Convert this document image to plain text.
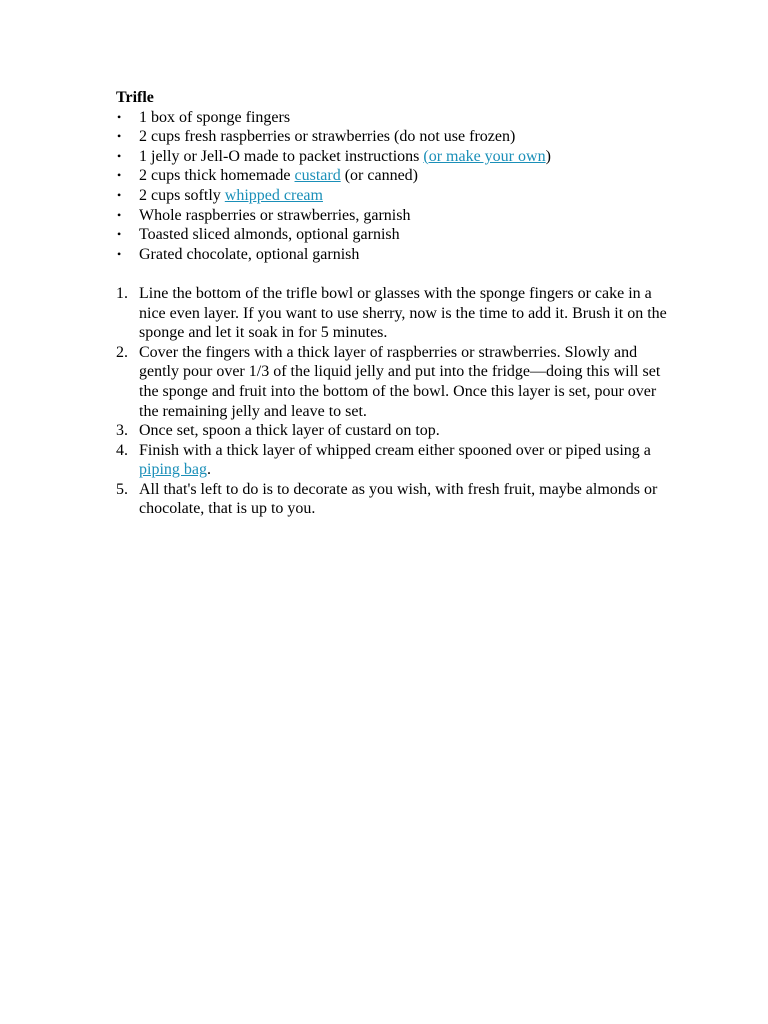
Trifle
• 1 box of sponge fingers
• 2 cups fresh raspberries or strawberries (do not use frozen)
• 1 jelly or Jell-O made to packet instructions (or make your own)
• 2 cups thick homemade custard (or canned)
• 2 cups softly whipped cream
• Whole raspberries or strawberries, garnish
• Toasted sliced almonds, optional garnish
• Grated chocolate, optional garnish
1. Line the bottom of the trifle bowl or glasses with the sponge fingers or cake in a nice even layer. If you want to use sherry, now is the time to add it. Brush it on the sponge and let it soak in for 5 minutes.
2. Cover the fingers with a thick layer of raspberries or strawberries. Slowly and gently pour over 1/3 of the liquid jelly and put into the fridge—doing this will set the sponge and fruit into the bottom of the bowl. Once this layer is set, pour over the remaining jelly and leave to set.
3. Once set, spoon a thick layer of custard on top.
4. Finish with a thick layer of whipped cream either spooned over or piped using a piping bag.
5. All that's left to do is to decorate as you wish, with fresh fruit, maybe almonds or chocolate, that is up to you.
